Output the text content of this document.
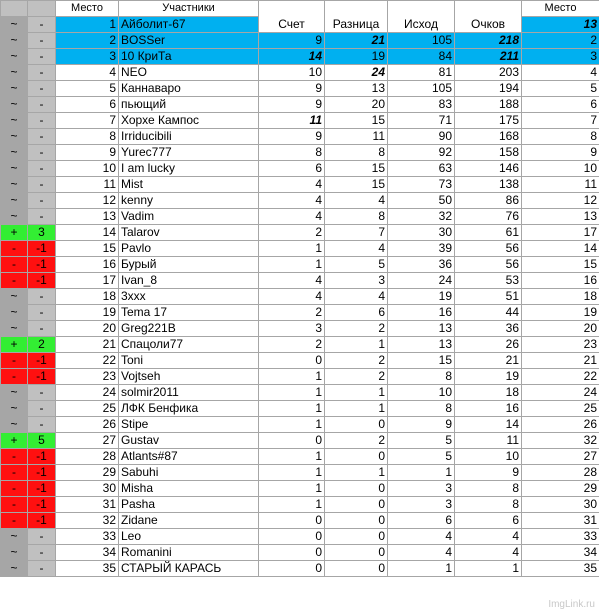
		Место	Участники	Счет	Разница	Исход	Очков	Место	
~	-	1	Айболит-67					13				
~	-	2	BOSSer	9	21	105	218	2	
~	-	3	10 КриТа	14	19	84	211	3	
~	-	4	NEO	10	24	81	203	4	
~	-	5	Каннаваро	9	13	105	194	5	
~	-	6	пьющий	9	20	83	188	6	
~	-	7	Хорхе Кампос	11	15	71	175	7	
~	-	8	Irriducibili	9	11	90	168	8	
~	-	9	Yurec777	8	8	92	158	9	
~	-	10	I am lucky	6	15	63	146	10	
~	-	11	Mist	4	15	73	138	11	
~	-	12	kenny	4	4	50	86	12	
~	-	13	Vadim	4	8	32	76	13	
+	3	14	Talarov	2	7	30	61	17	
-	-1	15	Pavlo	1	4	39	56	14	
-	-1	16	Бурый	1	5	36	56	15	
-	-1	17	Ivan_8	4	3	24	53	16	
~	-	18	3xxx	4	4	19	51	18	
~	-	19	Tema 17	2	6	16	44	19	
~	-	20	Greg221B	3	2	13	36	20	
+	2	21	Спацоли77	2	1	13	26	23	
-	-1	22	Toni	0	2	15	21	21	
-	-1	23	Vojtseh	1	2	8	19	22	
~	-	24	solmir2011	1	1	10	18	24	
~	-	25	ЛФК Бенфика	1	1	8	16	25	
~	-	26	Stipe	1	0	9	14	26	
+	5	27	Gustav	0	2	5	11	32	
-	-1	28	Atlants#87	1	0	5	10	27	
-	-1	29	Sabuhi	1	1	1	9	28	
-	-1	30	Misha	1	0	3	8	29	
-	-1	31	Pasha	1	0	3	8	30	
-	-1	32	Zidane	0	0	6	6	31	
~	-	33	Leo	0	0	4	4	33	
~	-	34	Romanini	0	0	4	4	34	
~	-	35	СТАРЫЙ КАРАСЬ	0	0	1	1	35	
ImgLink.ru
